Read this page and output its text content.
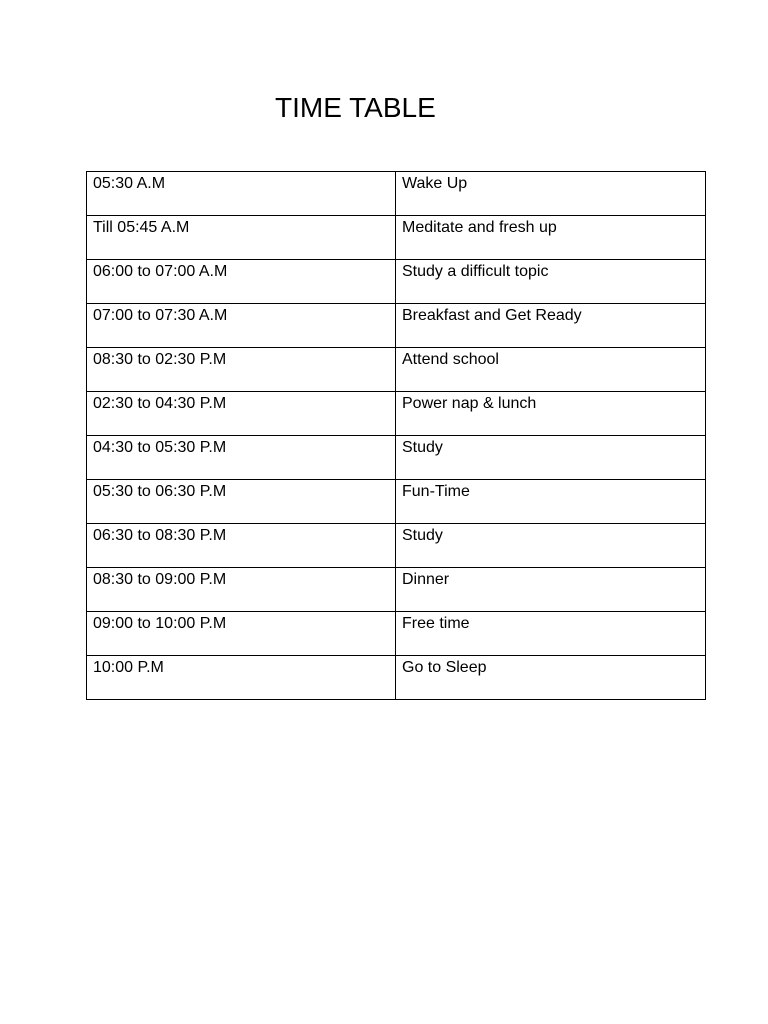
TIME TABLE
05:30 A.M	Wake Up
Till 05:45 A.M	Meditate and fresh up
06:00 to 07:00 A.M	Study a difficult topic
07:00 to 07:30 A.M	Breakfast and Get Ready
08:30 to 02:30 P.M	Attend school
02:30 to 04:30 P.M	Power nap & lunch
04:30 to 05:30 P.M	Study
05:30 to 06:30 P.M	Fun-Time
06:30 to 08:30 P.M	Study
08:30 to 09:00 P.M	Dinner
09:00 to 10:00 P.M	Free time
10:00 P.M	Go to Sleep
